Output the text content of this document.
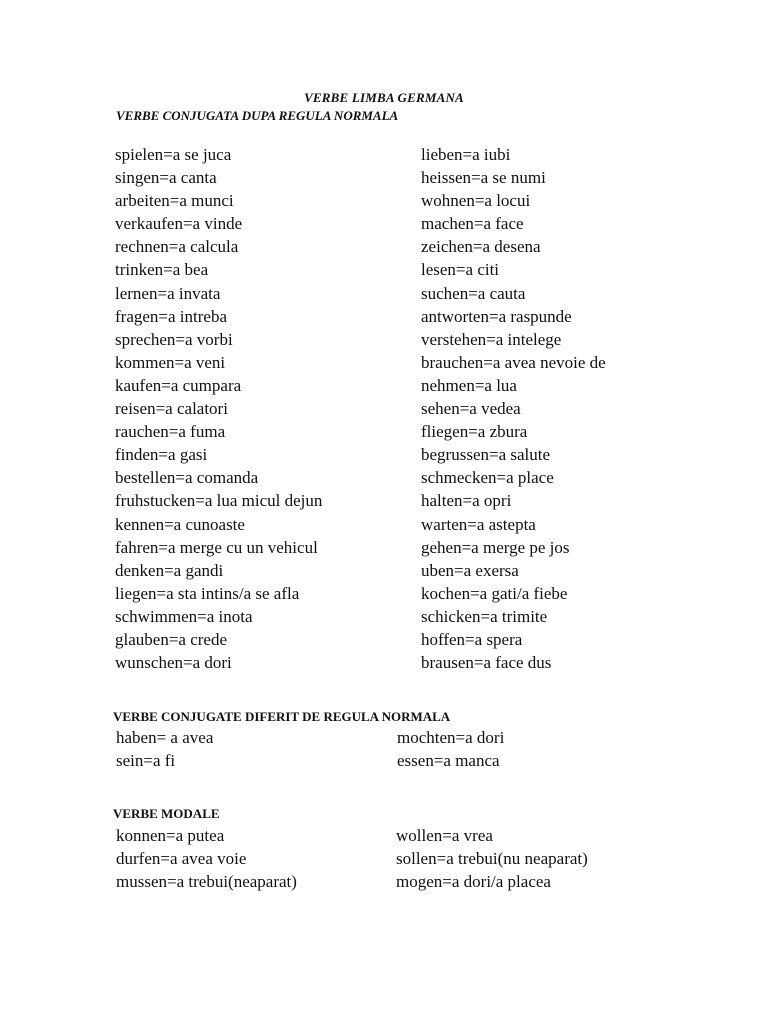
VERBE LIMBA GERMANA
VERBE CONJUGATA DUPA REGULA NORMALA
spielen=a se juca
singen=a canta
arbeiten=a munci
verkaufen=a vinde
rechnen=a calcula
trinken=a bea
lernen=a invata
fragen=a intreba
sprechen=a vorbi
kommen=a veni
kaufen=a cumpara
reisen=a calatori
rauchen=a fuma
finden=a gasi
bestellen=a comanda
fruhstucken=a lua micul dejun
kennen=a cunoaste
fahren=a merge cu un vehicul
denken=a gandi
liegen=a sta intins/a se afla
schwimmen=a inota
glauben=a crede
wunschen=a dori
lieben=a iubi
heissen=a se numi
wohnen=a locui
machen=a face
zeichen=a desena
lesen=a citi
suchen=a cauta
antworten=a raspunde
verstehen=a intelege
brauchen=a avea nevoie de
nehmen=a lua
sehen=a vedea
fliegen=a zbura
begrussen=a salute
schmecken=a place
halten=a opri
warten=a astepta
gehen=a merge pe jos
uben=a exersa
kochen=a gati/a fiebe
schicken=a trimite
hoffen=a spera
brausen=a face dus
VERBE CONJUGATE DIFERIT DE REGULA NORMALA
haben= a avea
sein=a fi
mochten=a dori
essen=a manca
VERBE MODALE
konnen=a putea
durfen=a avea voie
mussen=a trebui(neaparat)
wollen=a vrea
sollen=a trebui(nu neaparat)
mogen=a dori/a placea
